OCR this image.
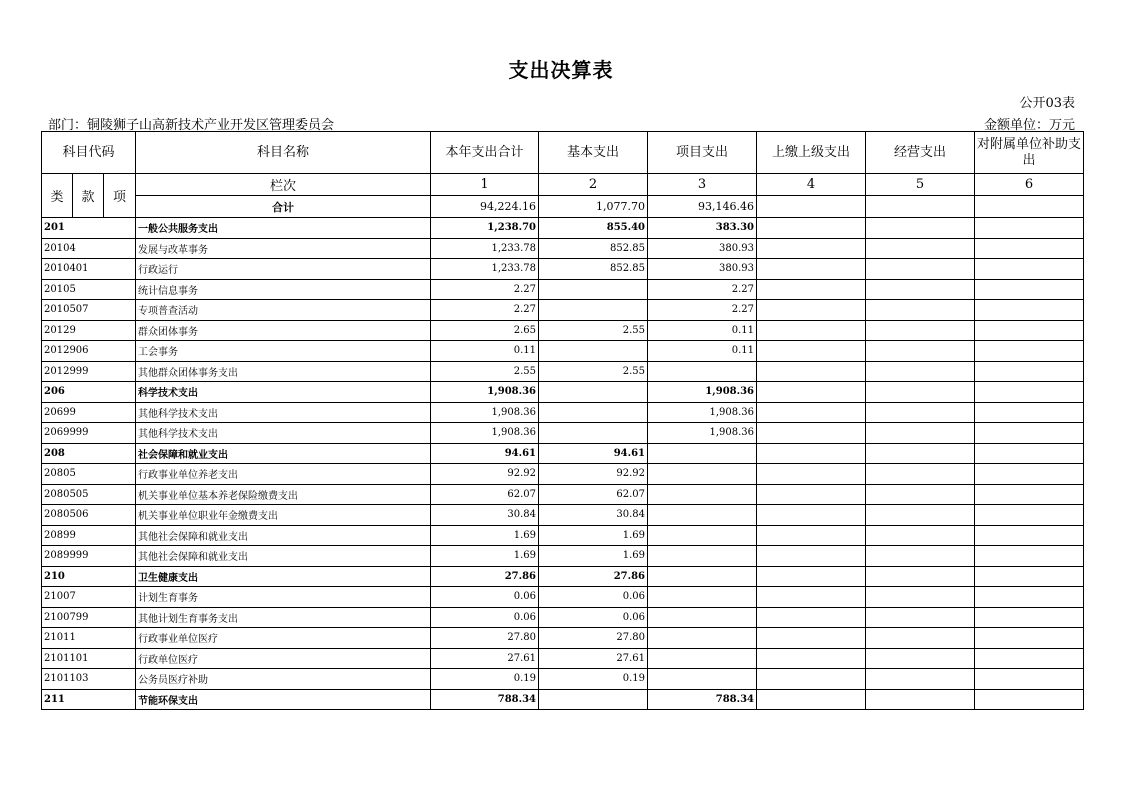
支出决算表
公开03表
部门：铜陵狮子山高新技术产业开发区管理委员会	金额单位：万元
科目代码			科目名称	本年支出合计	基本支出	项目支出	上缴上级支出	经营支出	对附属单位补助支出
类	款	项	栏次	1	2	3	4	5	6
			合计	94,224.16	1,077.70	93,146.46			
201			一般公共服务支出	1,238.70	855.40	383.30			
20104			发展与改革事务	1,233.78	852.85	380.93			
2010401			行政运行	1,233.78	852.85	380.93			
20105			统计信息事务	2.27		2.27			
2010507			专项普查活动	2.27		2.27			
20129			群众团体事务	2.65	2.55	0.11			
2012906			工会事务	0.11		0.11			
2012999			其他群众团体事务支出	2.55	2.55				
206			科学技术支出	1,908.36		1,908.36			
20699			其他科学技术支出	1,908.36		1,908.36			
2069999			其他科学技术支出	1,908.36		1,908.36			
208			社会保障和就业支出	94.61	94.61				
20805			行政事业单位养老支出	92.92	92.92				
2080505			机关事业单位基本养老保险缴费支出	62.07	62.07				
2080506			机关事业单位职业年金缴费支出	30.84	30.84				
20899			其他社会保障和就业支出	1.69	1.69				
2089999			其他社会保障和就业支出	1.69	1.69				
210			卫生健康支出	27.86	27.86				
21007			计划生育事务	0.06	0.06				
2100799			其他计划生育事务支出	0.06	0.06				
21011			行政事业单位医疗	27.80	27.80				
2101101			行政单位医疗	27.61	27.61				
2101103			公务员医疗补助	0.19	0.19				
211			节能环保支出	788.34		788.34			
